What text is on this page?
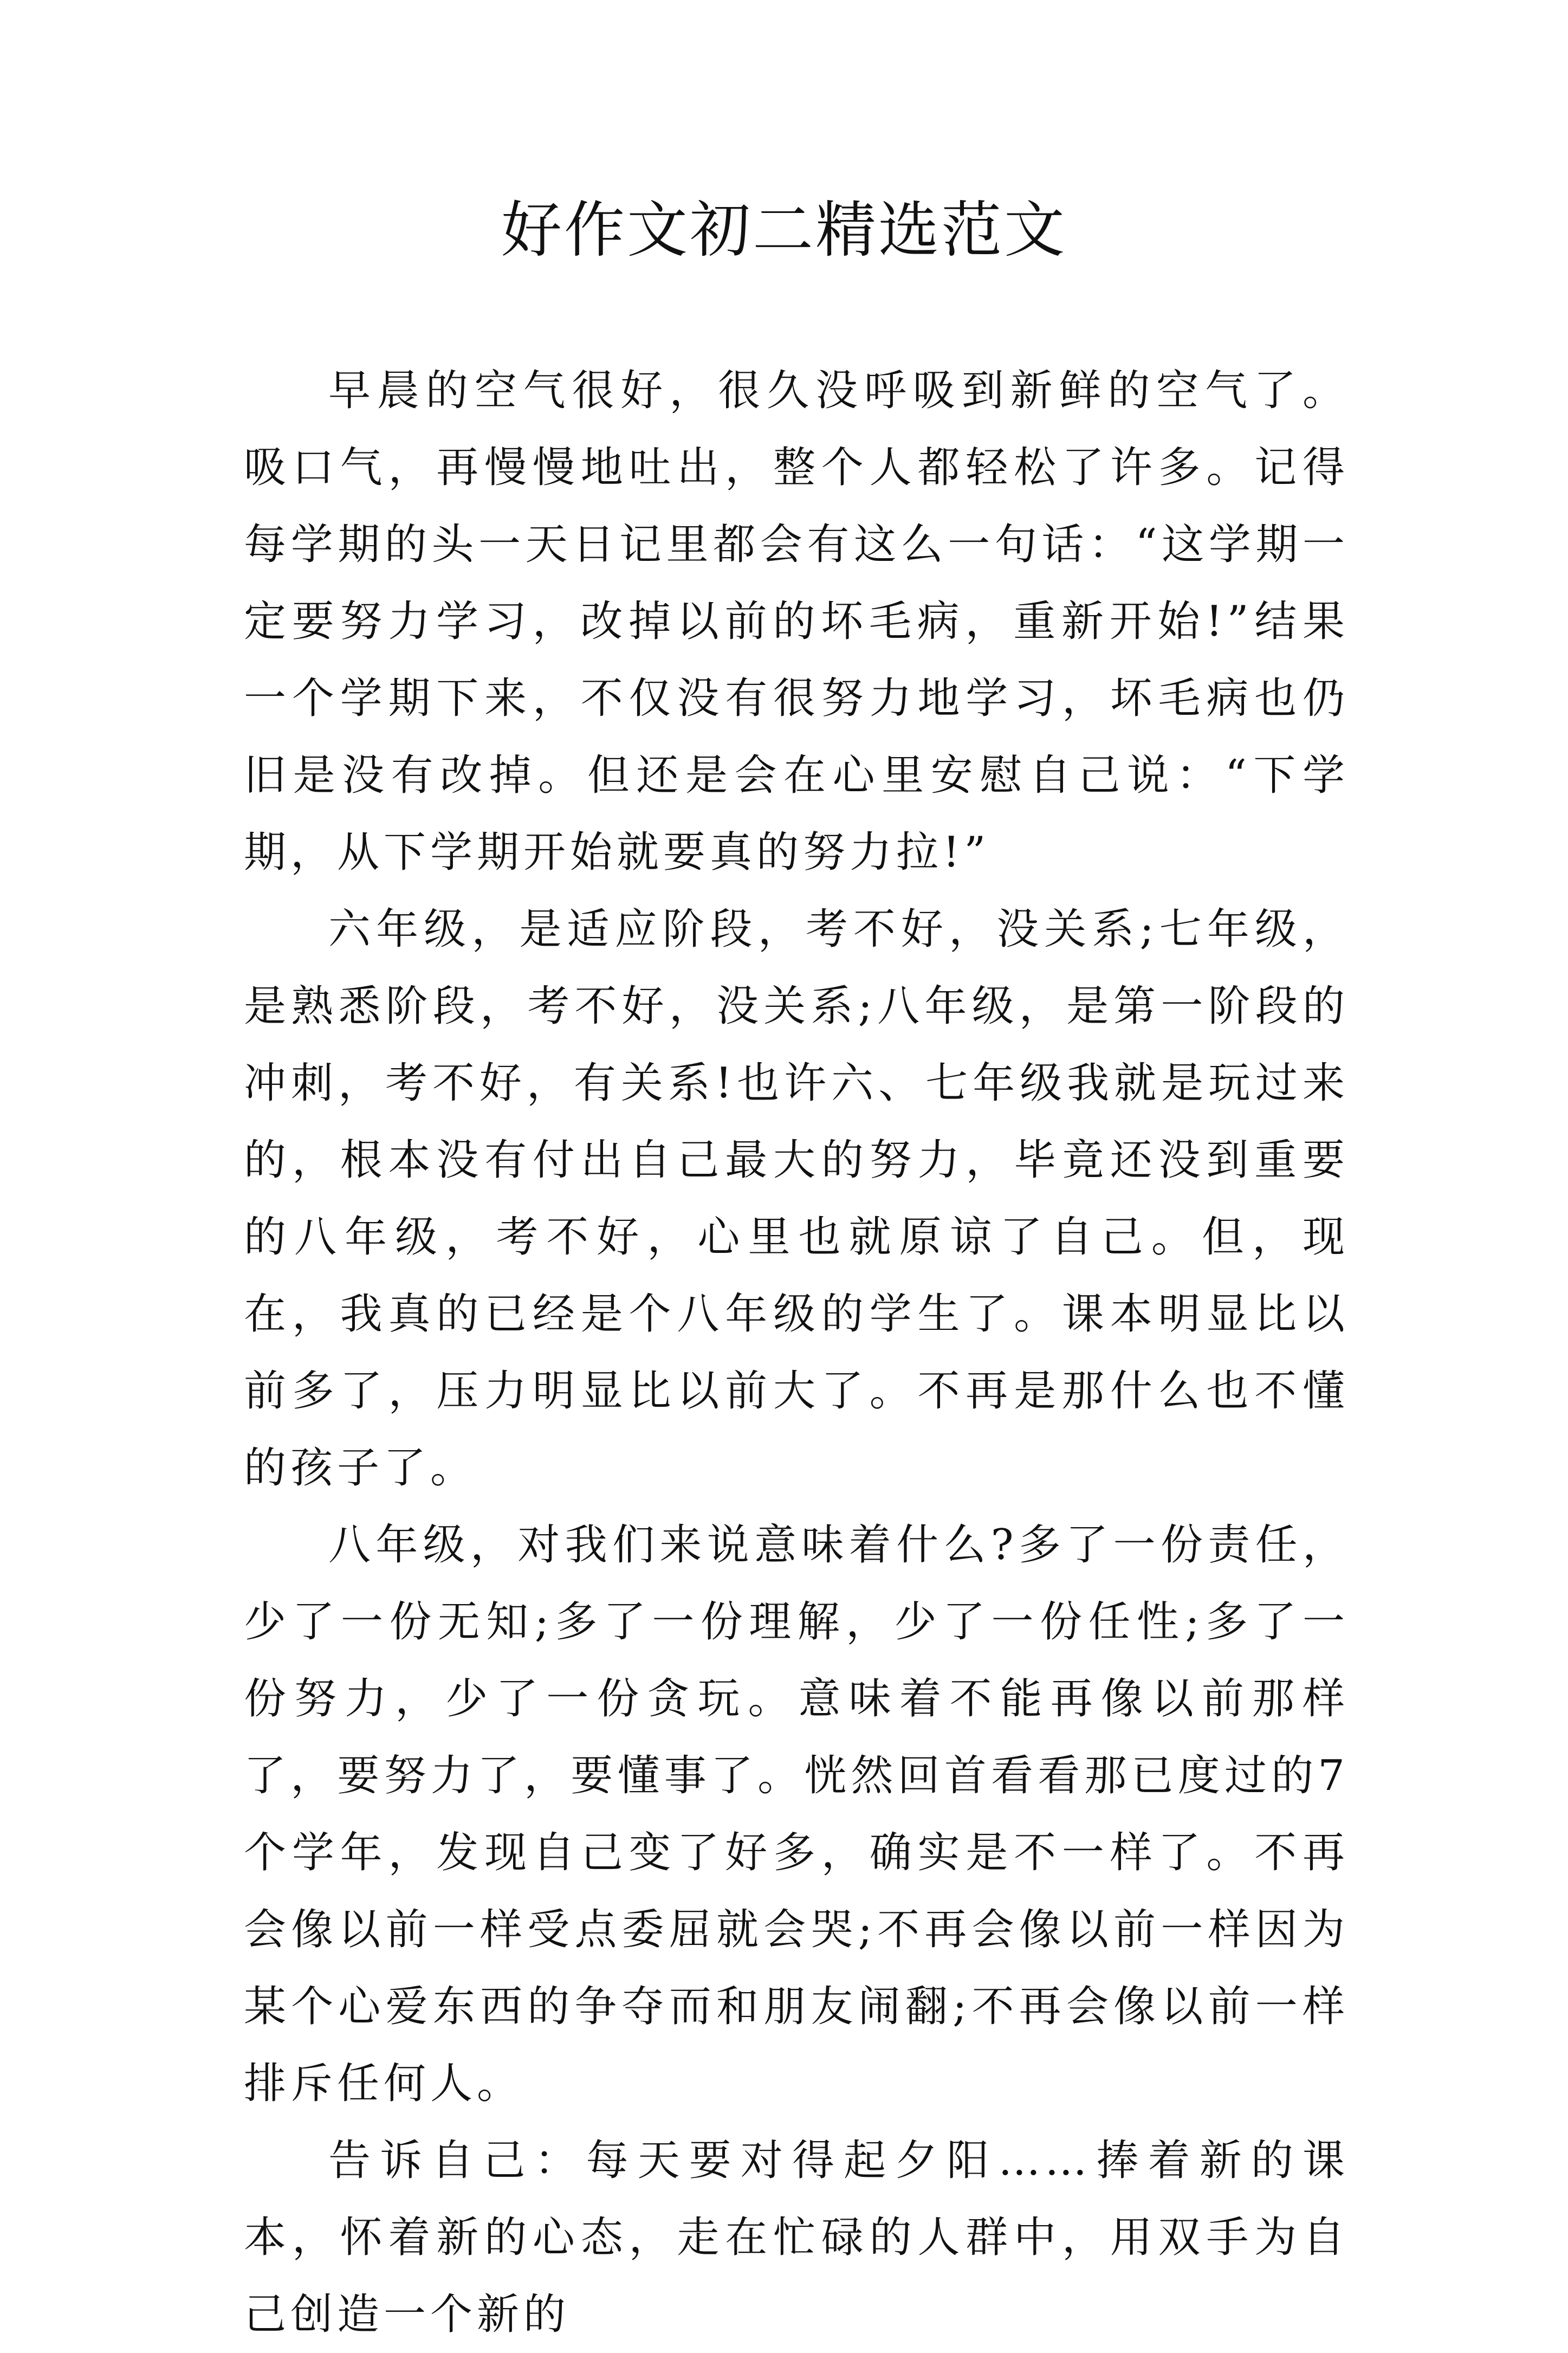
好作文初二精选范文

早晨的空气很好，很久没呼吸到新鲜的空气了。吸口气，再慢慢地吐出，整个人都轻松了许多。记得每学期的头一天日记里都会有这么一句话：“这学期一定要努力学习，改掉以前的坏毛病，重新开始!”结果一个学期下来，不仅没有很努力地学习，坏毛病也仍旧是没有改掉。但还是会在心里安慰自己说：“下学期，从下学期开始就要真的努力拉!”

六年级，是适应阶段，考不好，没关系;七年级，是熟悉阶段，考不好，没关系;八年级，是第一阶段的冲刺，考不好，有关系!也许六、七年级我就是玩过来的，根本没有付出自己最大的努力，毕竟还没到重要的八年级，考不好，心里也就原谅了自己。但，现在，我真的已经是个八年级的学生了。课本明显比以前多了，压力明显比以前大了。不再是那什么也不懂的孩子了。

八年级，对我们来说意味着什么?多了一份责任，少了一份无知;多了一份理解，少了一份任性;多了一份努力，少了一份贪玩。意味着不能再像以前那样了，要努力了，要懂事了。恍然回首看看那已度过的7个学年，发现自己变了好多，确实是不一样了。不再会像以前一样受点委屈就会哭;不再会像以前一样因为某个心爱东西的争夺而和朋友闹翻;不再会像以前一样排斥任何人。

告诉自己：每天要对得起夕阳……捧着新的课本，怀着新的心态，走在忙碌的人群中，用双手为自己创造一个新的
